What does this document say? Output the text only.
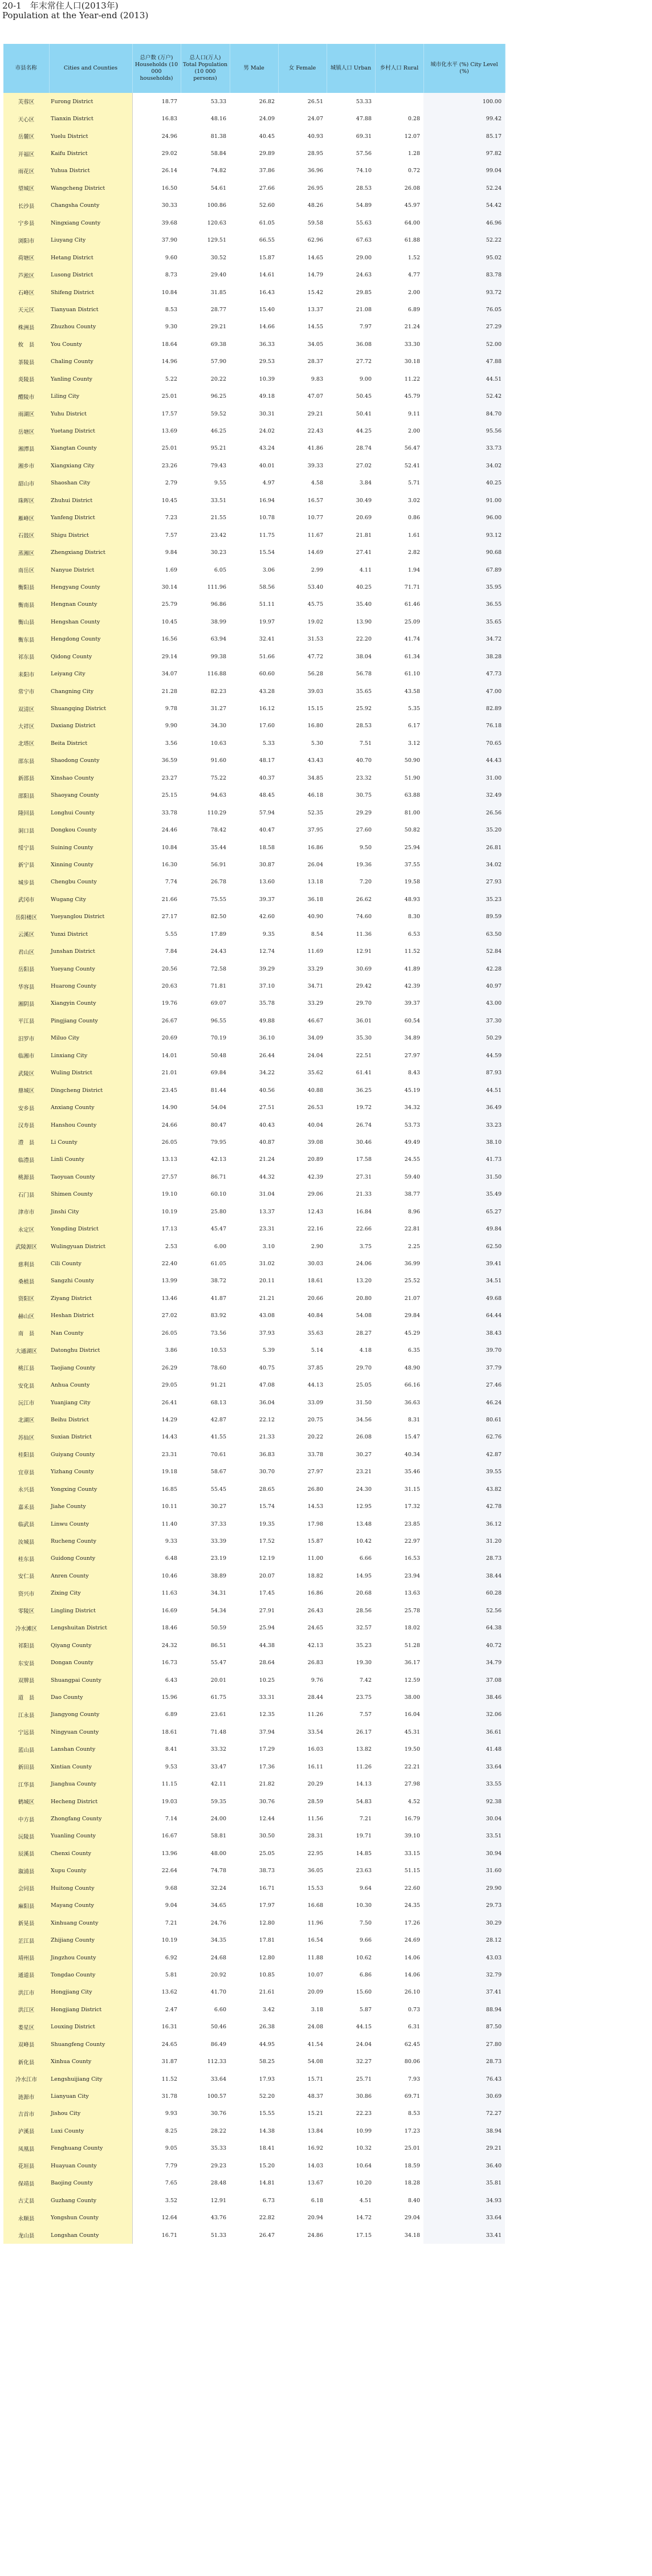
20-1　年末常住人口(2013年)
Population at the Year-end (2013)
市县名称	Cities and Counties	总户数 (万户) Households (10 000 households)	总人口(万人) Total Population (10 000 persons)	男 Male	女 Female	城镇人口 Urban	乡村人口 Rural	城市化水平 (%) City Level (%)
芙蓉区	Furong District	18.77	53.33	26.82	26.51	53.33		100.00
天心区	Tianxin District	16.83	48.16	24.09	24.07	47.88	0.28	99.42
岳麓区	Yuelu District	24.96	81.38	40.45	40.93	69.31	12.07	85.17
开福区	Kaifu District	29.02	58.84	29.89	28.95	57.56	1.28	97.82
雨花区	Yuhua District	26.14	74.82	37.86	36.96	74.10	0.72	99.04
望城区	Wangcheng District	16.50	54.61	27.66	26.95	28.53	26.08	52.24
长沙县	Changsha County	30.33	100.86	52.60	48.26	54.89	45.97	54.42
宁乡县	Ningxiang County	39.68	120.63	61.05	59.58	55.63	64.00	46.96
浏阳市	Liuyang City	37.90	129.51	66.55	62.96	67.63	61.88	52.22
荷塘区	Hetang District	9.60	30.52	15.87	14.65	29.00	1.52	95.02
芦淞区	Lusong District	8.73	29.40	14.61	14.79	24.63	4.77	83.78
石峰区	Shifeng District	10.84	31.85	16.43	15.42	29.85	2.00	93.72
天元区	Tianyuan District	8.53	28.77	15.40	13.37	21.08	6.89	76.05
株洲县	Zhuzhou County	9.30	29.21	14.66	14.55	7.97	21.24	27.29
攸　县	You County	18.64	69.38	36.33	34.05	36.08	33.30	52.00
茶陵县	Chaling County	14.96	57.90	29.53	28.37	27.72	30.18	47.88
炎陵县	Yanling County	5.22	20.22	10.39	9.83	9.00	11.22	44.51
醴陵市	Liling City	25.01	96.25	49.18	47.07	50.45	45.79	52.42
雨湖区	Yuhu District	17.57	59.52	30.31	29.21	50.41	9.11	84.70
岳塘区	Yuetang District	13.69	46.25	24.02	22.43	44.25	2.00	95.56
湘潭县	Xiangtan County	25.01	95.21	43.24	41.86	28.74	56.47	33.73
湘乡市	Xiangxiang City	23.26	79.43	40.01	39.33	27.02	52.41	34.02
韶山市	Shaoshan City	2.79	9.55	4.97	4.58	3.84	5.71	40.25
珠晖区	Zhuhui District	10.45	33.51	16.94	16.57	30.49	3.02	91.00
雁峰区	Yanfeng District	7.23	21.55	10.78	10.77	20.69	0.86	96.00
石鼓区	Shigu District	7.57	23.42	11.75	11.67	21.81	1.61	93.12
蒸湘区	Zhengxiang District	9.84	30.23	15.54	14.69	27.41	2.82	90.68
南岳区	Nanyue District	1.69	6.05	3.06	2.99	4.11	1.94	67.89
衡阳县	Hengyang County	30.14	111.96	58.56	53.40	40.25	71.71	35.95
衡南县	Hengnan County	25.79	96.86	51.11	45.75	35.40	61.46	36.55
衡山县	Hengshan County	10.45	38.99	19.97	19.02	13.90	25.09	35.65
衡东县	Hengdong County	16.56	63.94	32.41	31.53	22.20	41.74	34.72
祁东县	Qidong County	29.14	99.38	51.66	47.72	38.04	61.34	38.28
耒阳市	Leiyang City	34.07	116.88	60.60	56.28	56.78	61.10	47.73
常宁市	Changning City	21.28	82.23	43.28	39.03	35.65	43.58	47.00
双清区	Shuangqing District	9.78	31.27	16.12	15.15	25.92	5.35	82.89
大祥区	Daxiang District	9.90	34.30	17.60	16.80	28.53	6.17	76.18
北塔区	Beita District	3.56	10.63	5.33	5.30	7.51	3.12	70.65
邵东县	Shaodong County	36.59	91.60	48.17	43.43	40.70	50.90	44.43
新邵县	Xinshao County	23.27	75.22	40.37	34.85	23.32	51.90	31.00
邵阳县	Shaoyang County	25.15	94.63	48.45	46.18	30.75	63.88	32.49
隆回县	Longhui County	33.78	110.29	57.94	52.35	29.29	81.00	26.56
洞口县	Dongkou County	24.46	78.42	40.47	37.95	27.60	50.82	35.20
绥宁县	Suining County	10.84	35.44	18.58	16.86	9.50	25.94	26.81
新宁县	Xinning County	16.30	56.91	30.87	26.04	19.36	37.55	34.02
城步县	Chengbu County	7.74	26.78	13.60	13.18	7.20	19.58	27.93
武冈市	Wugang City	21.66	75.55	39.37	36.18	26.62	48.93	35.23
岳阳楼区	Yueyanglou District	27.17	82.50	42.60	40.90	74.60	8.30	89.59
云溪区	Yunxi District	5.55	17.89	9.35	8.54	11.36	6.53	63.50
君山区	Junshan District	7.84	24.43	12.74	11.69	12.91	11.52	52.84
岳阳县	Yueyang County	20.56	72.58	39.29	33.29	30.69	41.89	42.28
华容县	Huarong County	20.63	71.81	37.10	34.71	29.42	42.39	40.97
湘阴县	Xiangyin County	19.76	69.07	35.78	33.29	29.70	39.37	43.00
平江县	Pingjiang County	26.67	96.55	49.88	46.67	36.01	60.54	37.30
汨罗市	Miluo City	20.69	70.19	36.10	34.09	35.30	34.89	50.29
临湘市	Linxiang City	14.01	50.48	26.44	24.04	22.51	27.97	44.59
武陵区	Wuling District	21.01	69.84	34.22	35.62	61.41	8.43	87.93
鼎城区	Dingcheng District	23.45	81.44	40.56	40.88	36.25	45.19	44.51
安乡县	Anxiang County	14.90	54.04	27.51	26.53	19.72	34.32	36.49
汉寿县	Hanshou County	24.66	80.47	40.43	40.04	26.74	53.73	33.23
澧　县	Li County	26.05	79.95	40.87	39.08	30.46	49.49	38.10
临澧县	Linli County	13.13	42.13	21.24	20.89	17.58	24.55	41.73
桃源县	Taoyuan County	27.57	86.71	44.32	42.39	27.31	59.40	31.50
石门县	Shimen County	19.10	60.10	31.04	29.06	21.33	38.77	35.49
津市市	Jinshi City	10.19	25.80	13.37	12.43	16.84	8.96	65.27
永定区	Yongding District	17.13	45.47	23.31	22.16	22.66	22.81	49.84
武陵源区	Wulingyuan District	2.53	6.00	3.10	2.90	3.75	2.25	62.50
慈利县	Cili County	22.40	61.05	31.02	30.03	24.06	36.99	39.41
桑植县	Sangzhi County	13.99	38.72	20.11	18.61	13.20	25.52	34.51
资阳区	Ziyang District	13.46	41.87	21.21	20.66	20.80	21.07	49.68
赫山区	Heshan District	27.02	83.92	43.08	40.84	54.08	29.84	64.44
南　县	Nan County	26.05	73.56	37.93	35.63	28.27	45.29	38.43
大通湖区	Datonghu District	3.86	10.53	5.39	5.14	4.18	6.35	39.70
桃江县	Taojiang County	26.29	78.60	40.75	37.85	29.70	48.90	37.79
安化县	Anhua County	29.05	91.21	47.08	44.13	25.05	66.16	27.46
沅江市	Yuanjiang City	26.41	68.13	36.04	33.09	31.50	36.63	46.24
北湖区	Beihu District	14.29	42.87	22.12	20.75	34.56	8.31	80.61
苏仙区	Suxian District	14.43	41.55	21.33	20.22	26.08	15.47	62.76
桂阳县	Guiyang County	23.31	70.61	36.83	33.78	30.27	40.34	42.87
宜章县	Yizhang County	19.18	58.67	30.70	27.97	23.21	35.46	39.55
永兴县	Yongxing County	16.85	55.45	28.65	26.80	24.30	31.15	43.82
嘉禾县	Jiahe County	10.11	30.27	15.74	14.53	12.95	17.32	42.78
临武县	Linwu County	11.40	37.33	19.35	17.98	13.48	23.85	36.12
汝城县	Rucheng County	9.33	33.39	17.52	15.87	10.42	22.97	31.20
桂东县	Guidong County	6.48	23.19	12.19	11.00	6.66	16.53	28.73
安仁县	Anren County	10.46	38.89	20.07	18.82	14.95	23.94	38.44
资兴市	Zixing City	11.63	34.31	17.45	16.86	20.68	13.63	60.28
零陵区	Lingling District	16.69	54.34	27.91	26.43	28.56	25.78	52.56
冷水滩区	Lengshuitan District	18.46	50.59	25.94	24.65	32.57	18.02	64.38
祁阳县	Qiyang County	24.32	86.51	44.38	42.13	35.23	51.28	40.72
东安县	Dongan County	16.73	55.47	28.64	26.83	19.30	36.17	34.79
双牌县	Shuangpai County	6.43	20.01	10.25	9.76	7.42	12.59	37.08
道　县	Dao County	15.96	61.75	33.31	28.44	23.75	38.00	38.46
江永县	Jiangyong County	6.89	23.61	12.35	11.26	7.57	16.04	32.06
宁远县	Ningyuan County	18.61	71.48	37.94	33.54	26.17	45.31	36.61
蓝山县	Lanshan County	8.41	33.32	17.29	16.03	13.82	19.50	41.48
新田县	Xintian County	9.53	33.47	17.36	16.11	11.26	22.21	33.64
江华县	Jianghua County	11.15	42.11	21.82	20.29	14.13	27.98	33.55
鹤城区	Hecheng District	19.03	59.35	30.76	28.59	54.83	4.52	92.38
中方县	Zhongfang County	7.14	24.00	12.44	11.56	7.21	16.79	30.04
沅陵县	Yuanling County	16.67	58.81	30.50	28.31	19.71	39.10	33.51
辰溪县	Chenxi County	13.96	48.00	25.05	22.95	14.85	33.15	30.94
溆浦县	Xupu County	22.64	74.78	38.73	36.05	23.63	51.15	31.60
会同县	Huitong County	9.68	32.24	16.71	15.53	9.64	22.60	29.90
麻阳县	Mayang County	9.04	34.65	17.97	16.68	10.30	24.35	29.73
新晃县	Xinhuang County	7.21	24.76	12.80	11.96	7.50	17.26	30.29
芷江县	Zhijiang County	10.19	34.35	17.81	16.54	9.66	24.69	28.12
靖州县	Jingzhou County	6.92	24.68	12.80	11.88	10.62	14.06	43.03
通道县	Tongdao County	5.81	20.92	10.85	10.07	6.86	14.06	32.79
洪江市	Hongjiang City	13.62	41.70	21.61	20.09	15.60	26.10	37.41
洪江区	Hongjiang District	2.47	6.60	3.42	3.18	5.87	0.73	88.94
娄星区	Louxing District	16.31	50.46	26.38	24.08	44.15	6.31	87.50
双峰县	Shuangfeng County	24.65	86.49	44.95	41.54	24.04	62.45	27.80
新化县	Xinhua County	31.87	112.33	58.25	54.08	32.27	80.06	28.73
冷水江市	Lengshuijiang City	11.52	33.64	17.93	15.71	25.71	7.93	76.43
涟源市	Lianyuan City	31.78	100.57	52.20	48.37	30.86	69.71	30.69
吉首市	Jishou City	9.93	30.76	15.55	15.21	22.23	8.53	72.27
泸溪县	Luxi County	8.25	28.22	14.38	13.84	10.99	17.23	38.94
凤凰县	Fenghuang County	9.05	35.33	18.41	16.92	10.32	25.01	29.21
花垣县	Huayuan County	7.79	29.23	15.20	14.03	10.64	18.59	36.40
保靖县	Baojing County	7.65	28.48	14.81	13.67	10.20	18.28	35.81
古丈县	Guzhang County	3.52	12.91	6.73	6.18	4.51	8.40	34.93
永顺县	Yongshun County	12.64	43.76	22.82	20.94	14.72	29.04	33.64
龙山县	Longshan County	16.71	51.33	26.47	24.86	17.15	34.18	33.41
